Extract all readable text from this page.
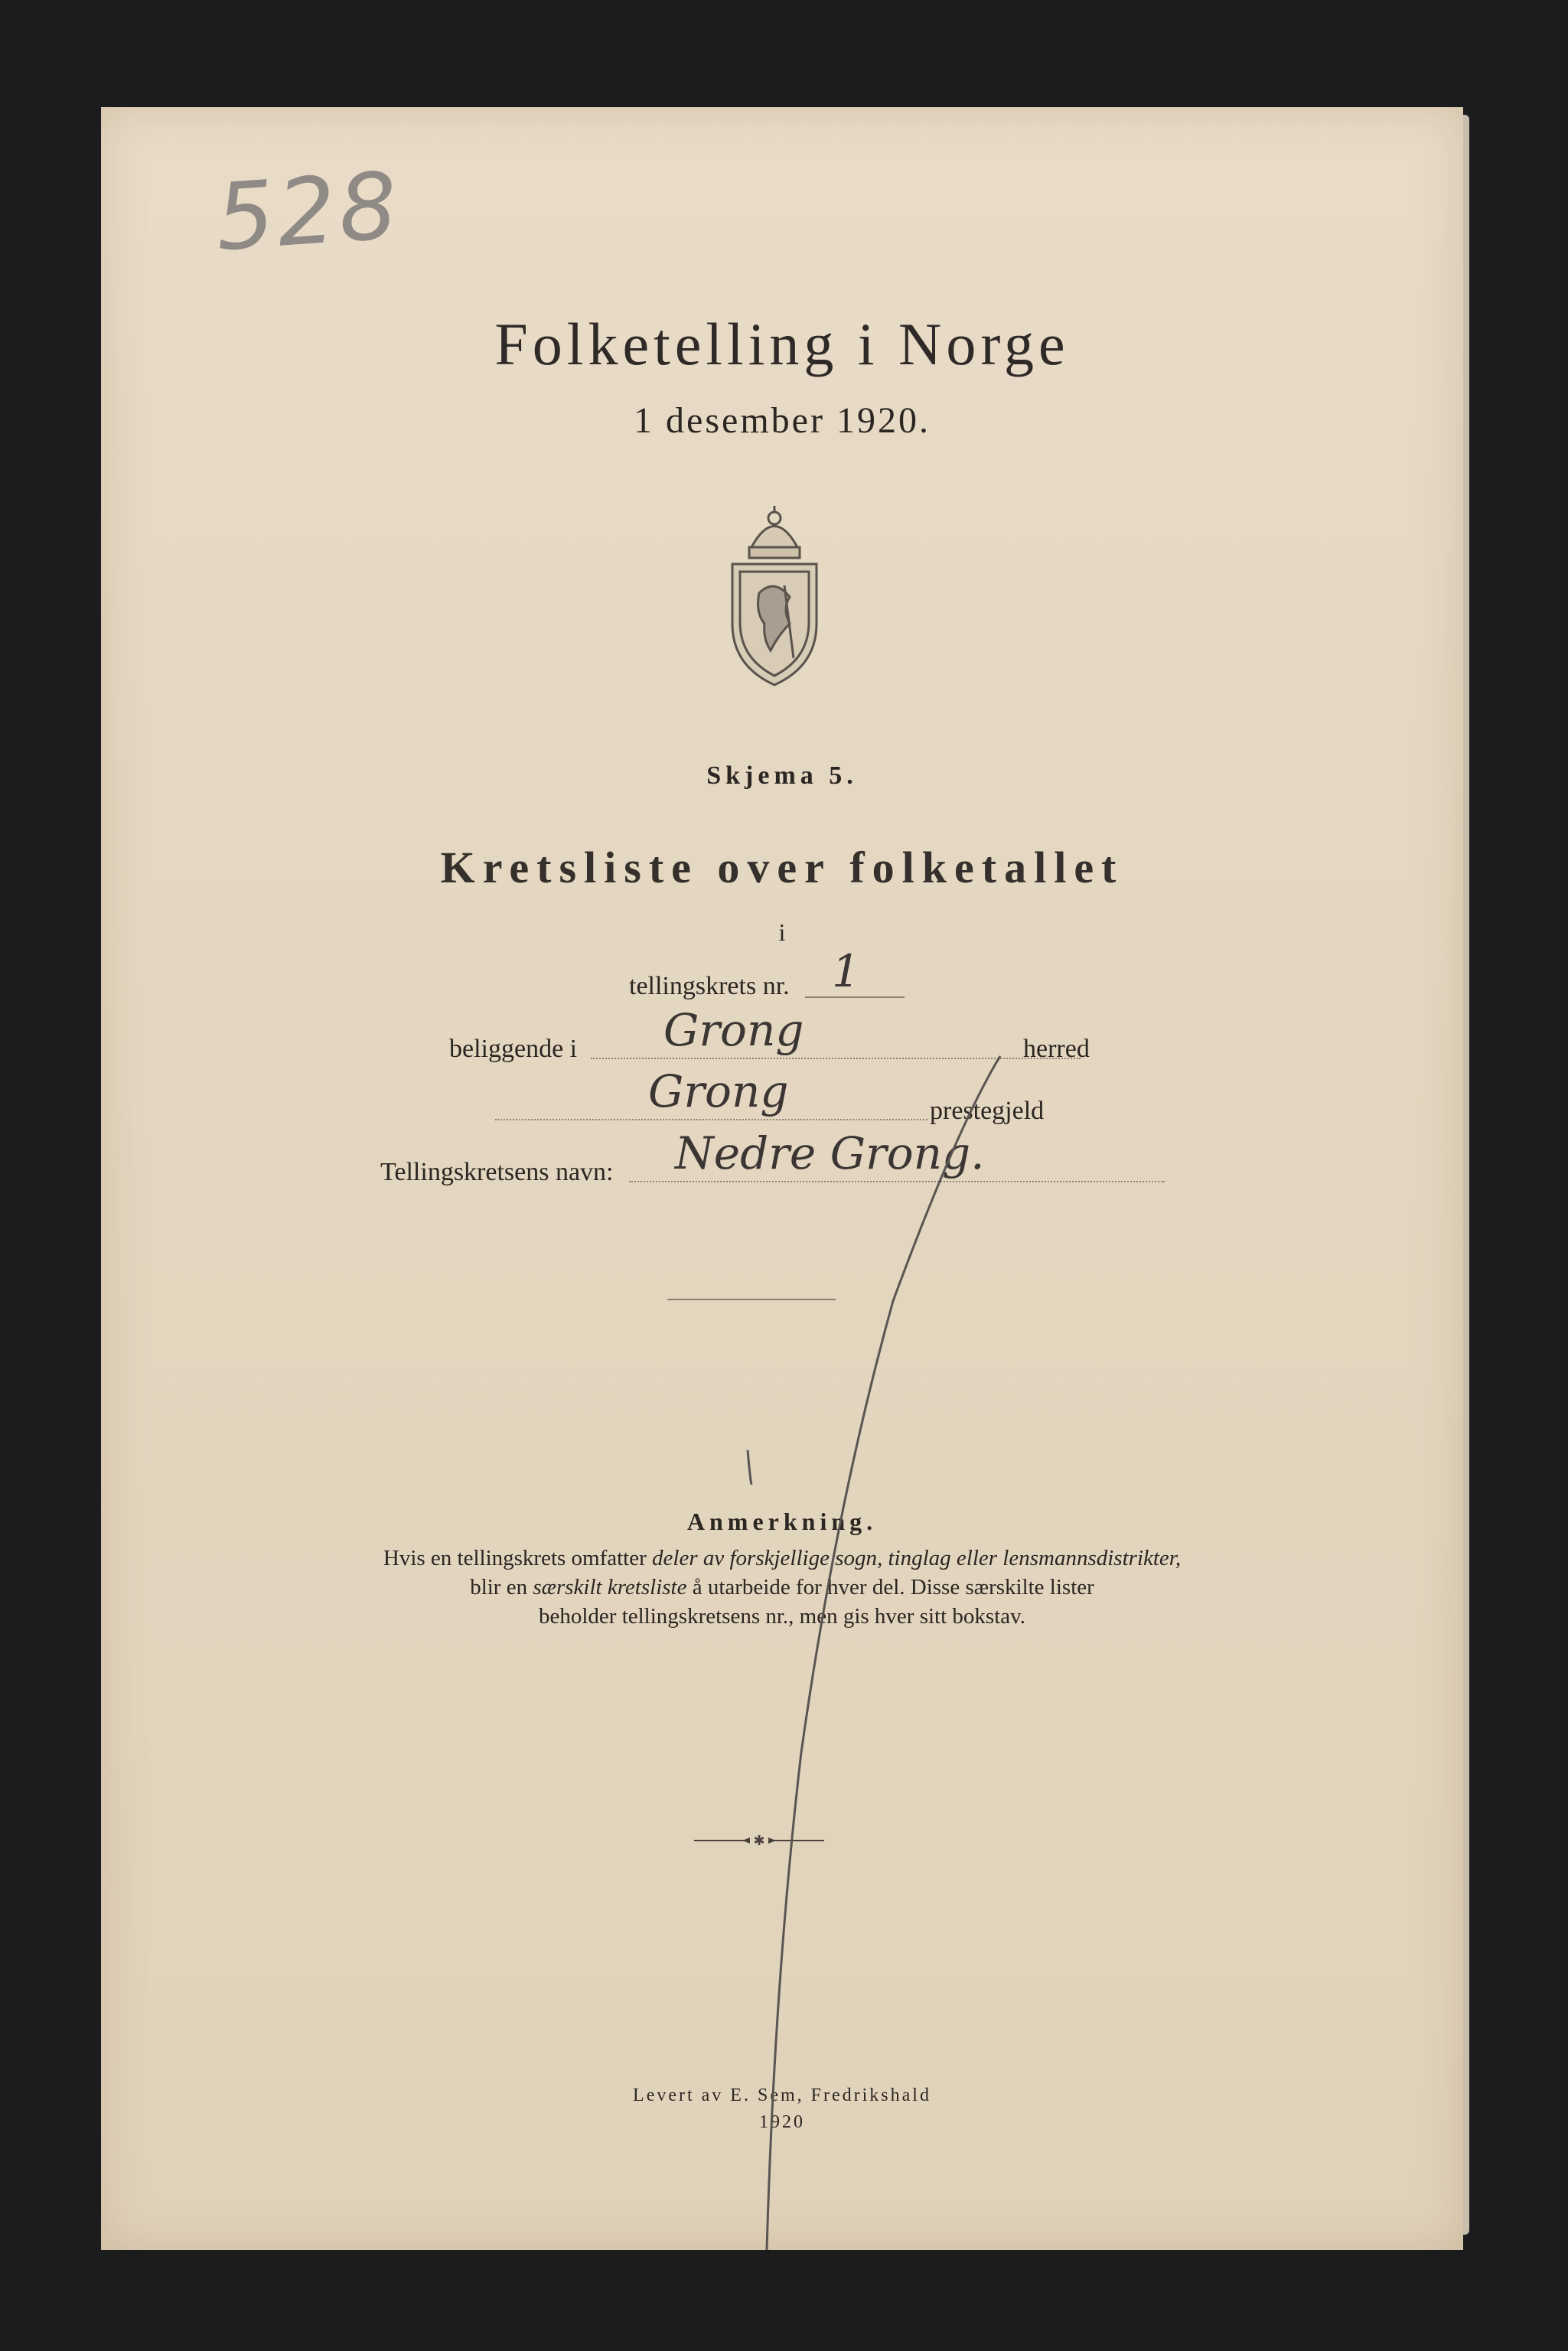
528
Folketelling i Norge
1 desember 1920.
Skjema 5.
Kretsliste over folketallet
i
tellingskrets nr. 1
beliggende i Grong	herred
Grong	prestegjeld
Tellingskretsens navn: Nedre Grong.
Anmerkning.
Hvis en tellingskrets omfatter deler av forskjellige sogn, tinglag eller lensmannsdistrikter,
blir en særskilt kretsliste å utarbeide for hver del. Disse særskilte lister
beholder tellingskretsens nr., men gis hver sitt bokstav.
✱
Levert av E. Sem, Fredrikshald
1920
